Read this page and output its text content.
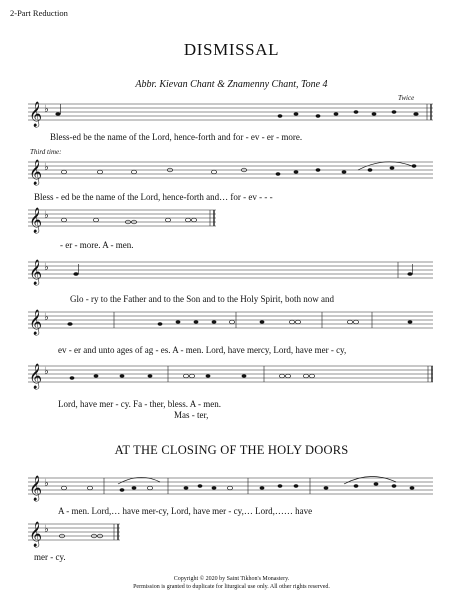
2-Part Reduction
DISMISSAL
Abbr. Kievan Chant & Znamenny Chant, Tone 4
Twice
𝄞 ♭
Bless-ed be the name of the Lord, hence-forth and for - ev - er - more.
Third time:
𝄞 ♭
Bless - ed be the name of the Lord, hence-forth and… for - ev - - -
𝄞 ♭
- er - more. A - men.
𝄞 ♭
Glo - ry to the Father and to the Son and to the Holy Spirit, both now and
𝄞 ♭
ev - er and unto ages of ag - es. A - men. Lord, have mercy, Lord, have mer - cy,
𝄞 ♭
Lord, have mer - cy. Fa - ther, bless. A - men.
Mas - ter,
AT THE CLOSING OF THE HOLY DOORS
𝄞 ♭
A - men. Lord,… have mer-cy, Lord, have mer - cy,… Lord,…… have
𝄞 ♭
mer - cy.
Copyright © 2020 by Saint Tikhon's Monastery.
Permission is granted to duplicate for liturgical use only. All other rights reserved.
